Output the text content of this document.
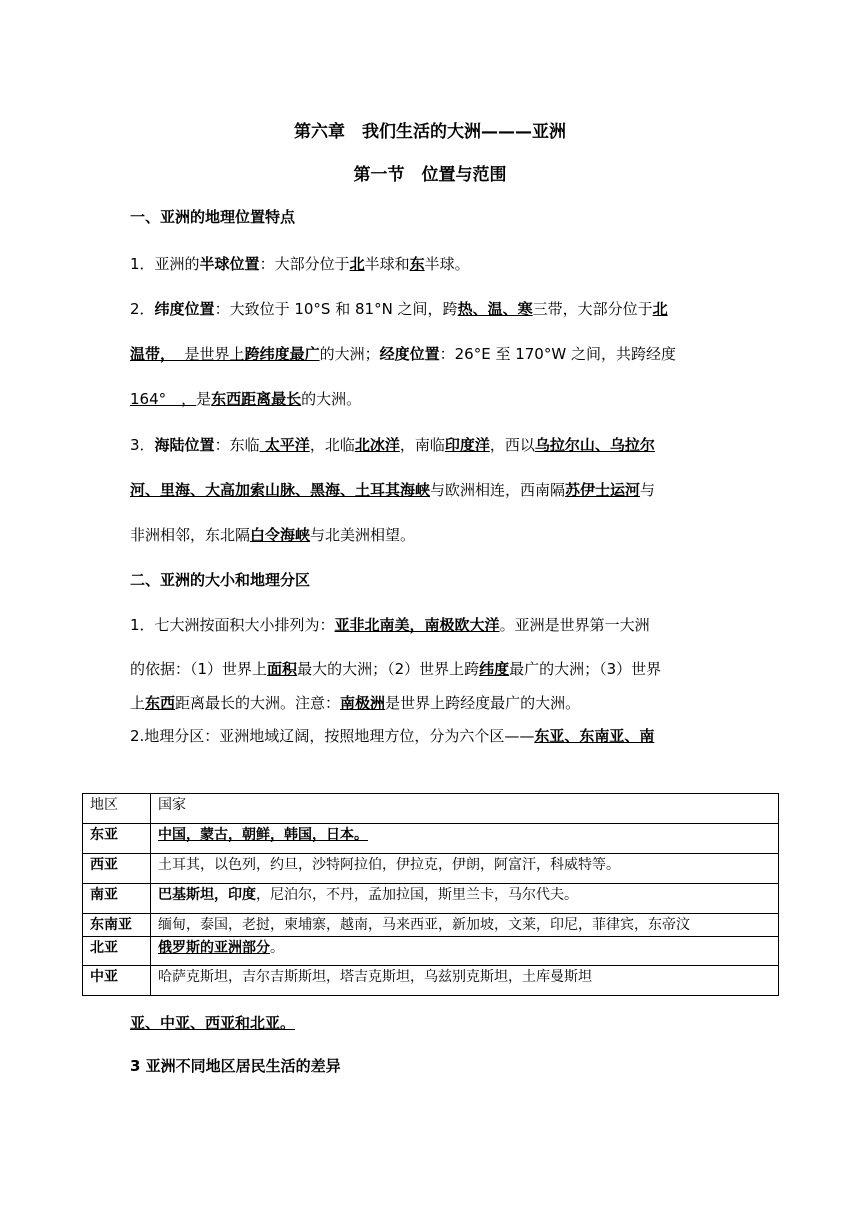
第六章　我们生活的大洲———亚洲
第一节　位置与范围
一、亚洲的地理位置特点
1．亚洲的半球位置：大部分位于北半球和东半球。
2．纬度位置：大致位于 10°S 和 81°N 之间，跨热、温、寒三带，大部分位于北
温带，  是世界上跨纬度最广的大洲；经度位置：26°E 至 170°W 之间，共跨经度
164°　，是东西距离最长的大洲。
3．海陆位置：东临 太平洋，北临北冰洋，南临印度洋，西以乌拉尔山、乌拉尔
河、里海、大高加索山脉、黑海、土耳其海峡与欧洲相连，西南隔苏伊士运河与
非洲相邻，东北隔白令海峡与北美洲相望。
二、亚洲的大小和地理分区
1．七大洲按面积大小排列为：亚非北南美，南极欧大洋。亚洲是世界第一大洲
的依据：（1）世界上面积最大的大洲；（2）世界上跨纬度最广的大洲；（3）世界
上东西距离最长的大洲。注意：南极洲是世界上跨经度最广的大洲。
2.地理分区：亚洲地域辽阔，按照地理方位，分为六个区——东亚、东南亚、南
地区	国家
东亚	中国，蒙古，朝鲜，韩国，日本。
西亚	土耳其，以色列，约旦，沙特阿拉伯，伊拉克，伊朗，阿富汗，科威特等。
南亚	巴基斯坦，印度，尼泊尔，不丹，孟加拉国，斯里兰卡，马尔代夫。
东南亚	缅甸，泰国，老挝，柬埔寨，越南，马来西亚，新加坡，文莱，印尼，菲律宾，东帝汶
北亚	俄罗斯的亚洲部分。
中亚	哈萨克斯坦，吉尔吉斯斯坦，塔吉克斯坦，乌兹别克斯坦，土库曼斯坦
亚、中亚、西亚和北亚。
3 亚洲不同地区居民生活的差异
